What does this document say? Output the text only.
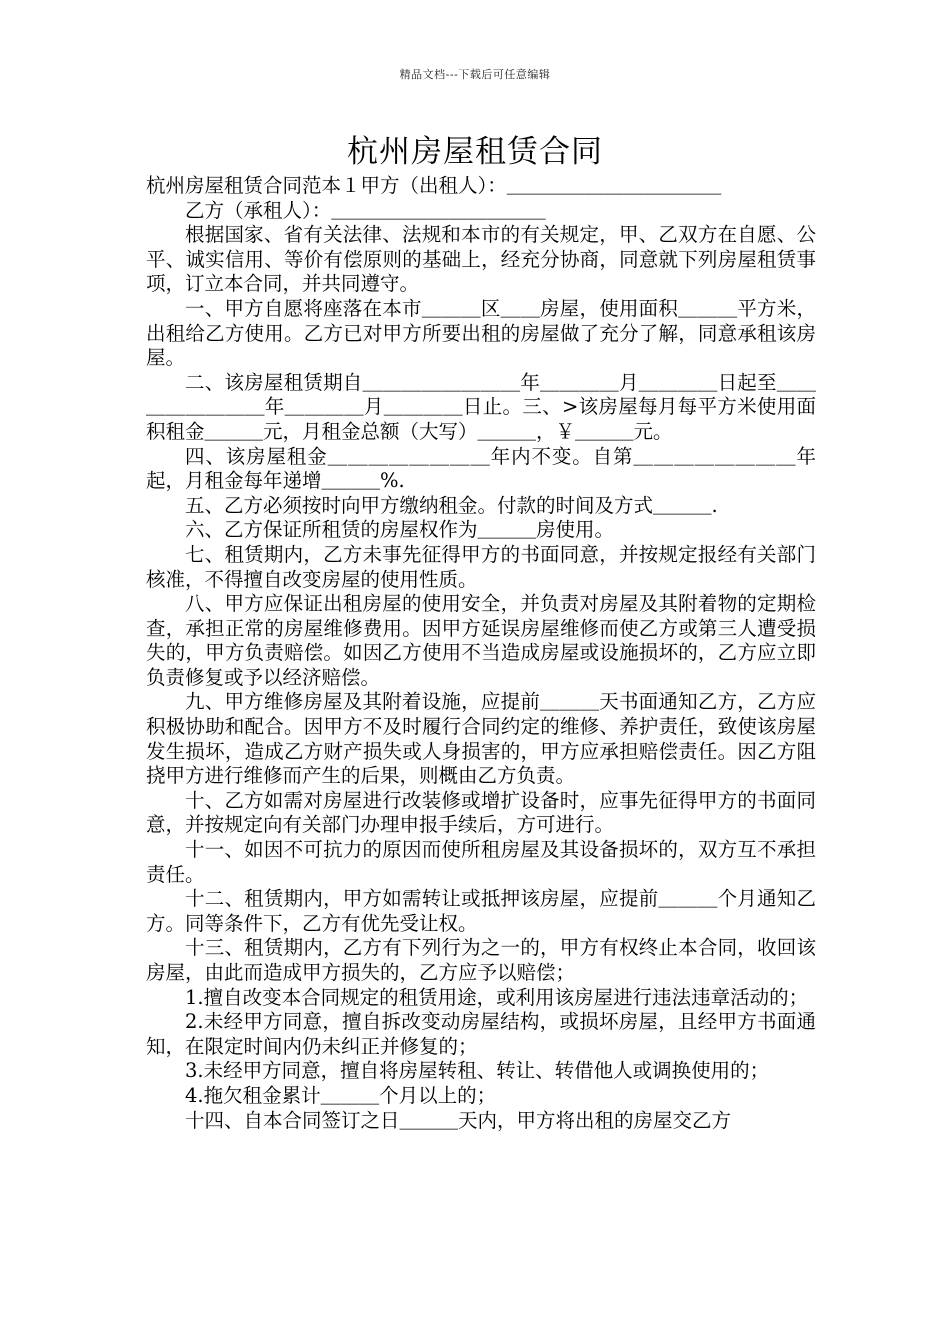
精品文档---下载后可任意编辑
杭州房屋租赁合同

杭州房屋租赁合同范本１甲方（出租人）：＿＿＿＿＿＿＿＿＿＿＿

乙方（承租人）：＿＿＿＿＿＿＿＿＿＿＿

根据国家、省有关法律、法规和本市的有关规定，甲、乙双方在自愿、公平、诚实信用、等价有偿原则的基础上，经充分协商，同意就下列房屋租赁事项，订立本合同，并共同遵守。

一、甲方自愿将座落在本市＿＿＿区＿＿房屋，使用面积＿＿＿平方米，出租给乙方使用。乙方已对甲方所要出租的房屋做了充分了解，同意承租该房屋。

二、该房屋租赁期自＿＿＿＿＿＿＿＿年＿＿＿＿月＿＿＿＿日起至＿＿＿＿＿＿＿＿年＿＿＿＿月＿＿＿＿日止。三、>该房屋每月每平方米使用面积租金＿＿＿元，月租金总额（大写）＿＿＿，￥＿＿＿元。

四、该房屋租金＿＿＿＿＿＿＿＿年内不变。自第＿＿＿＿＿＿＿＿年起，月租金每年递增＿＿＿%.

五、乙方必须按时向甲方缴纳租金。付款的时间及方式＿＿＿.

六、乙方保证所租赁的房屋权作为＿＿＿房使用。

七、租赁期内，乙方未事先征得甲方的书面同意，并按规定报经有关部门核准，不得擅自改变房屋的使用性质。

八、甲方应保证出租房屋的使用安全，并负责对房屋及其附着物的定期检查，承担正常的房屋维修费用。因甲方延误房屋维修而使乙方或第三人遭受损失的，甲方负责赔偿。如因乙方使用不当造成房屋或设施损坏的，乙方应立即负责修复或予以经济赔偿。

九、甲方维修房屋及其附着设施，应提前＿＿＿天书面通知乙方，乙方应积极协助和配合。因甲方不及时履行合同约定的维修、养护责任，致使该房屋发生损坏，造成乙方财产损失或人身损害的，甲方应承担赔偿责任。因乙方阻挠甲方进行维修而产生的后果，则概由乙方负责。

十、乙方如需对房屋进行改装修或增扩设备时，应事先征得甲方的书面同意，并按规定向有关部门办理申报手续后，方可进行。

十一、如因不可抗力的原因而使所租房屋及其设备损坏的，双方互不承担责任。

十二、租赁期内，甲方如需转让或抵押该房屋，应提前＿＿＿个月通知乙方。同等条件下，乙方有优先受让权。

十三、租赁期内，乙方有下列行为之一的，甲方有权终止本合同，收回该房屋，由此而造成甲方损失的，乙方应予以赔偿；

1.擅自改变本合同规定的租赁用途，或利用该房屋进行违法违章活动的；

2.未经甲方同意，擅自拆改变动房屋结构，或损坏房屋，且经甲方书面通知，在限定时间内仍未纠正并修复的；

3.未经甲方同意，擅自将房屋转租、转让、转借他人或调换使用的；

4.拖欠租金累计＿＿＿个月以上的；

十四、自本合同签订之日＿＿＿天内，甲方将出租的房屋交乙方
